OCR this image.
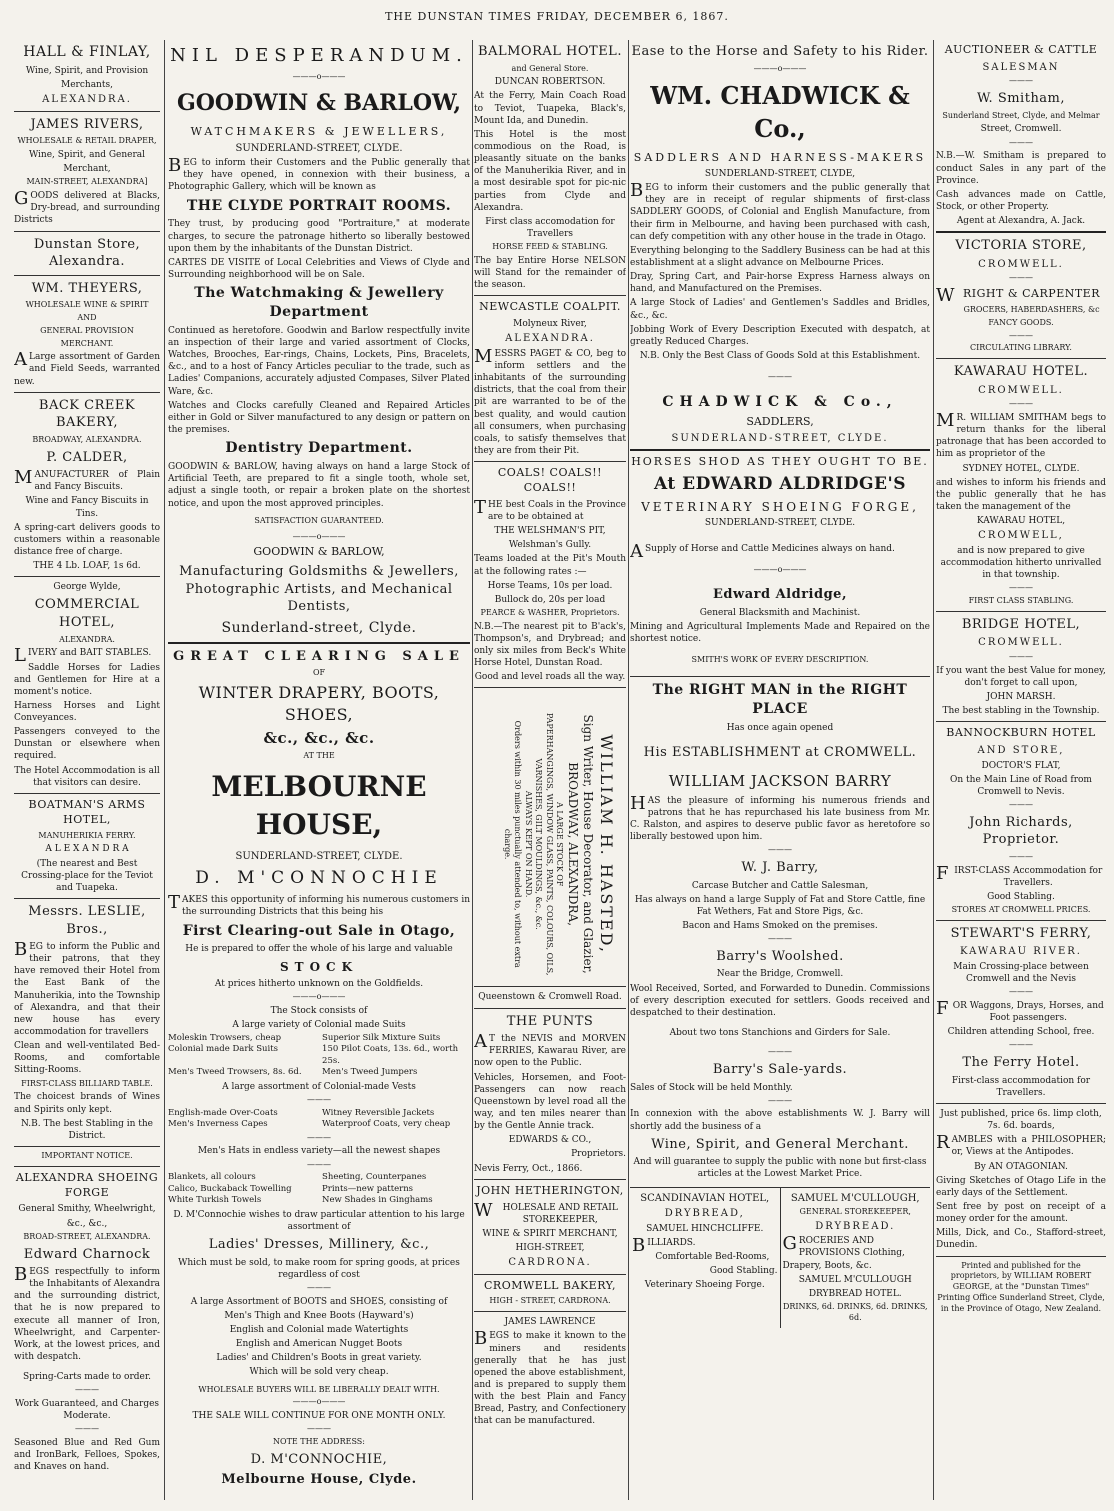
THE DUNSTAN TIMES FRIDAY, DECEMBER 6, 1867.
HALL & FINLAY,

Wine, Spirit, and Provision

Merchants,

ALEXANDRA.

JAMES RIVERS,

WHOLESALE & RETAIL DRAPER,

Wine, Spirit, and General

Merchant,

MAIN-STREET, ALEXANDRA]

GOODS delivered at Blacks, Dry-bread, and surrounding Districts

Dunstan Store, Alexandra.
WM. THEYERS,

WHOLESALE WINE & SPIRIT

AND

GENERAL PROVISION

MERCHANT.

ALarge assortment of Garden and Field Seeds, warranted new.

BACK CREEK BAKERY,

BROADWAY, ALEXANDRA.

P. CALDER,

MANUFACTURER of Plain and Fancy Biscuits.

Wine and Fancy Biscuits in Tins.

A spring-cart delivers goods to customers within a reasonable distance free of charge.

THE 4 Lb. LOAF, 1s 6d.

George Wylde,

COMMERCIAL HOTEL,

ALEXANDRA.

LIVERY and BAIT STABLES.

Saddle Horses for Ladies and Gentlemen for Hire at a moment's notice.

Harness Horses and Light Conveyances.

Passengers conveyed to the Dunstan or elsewhere when required.

The Hotel Accommodation is all that visitors can desire.

BOATMAN'S ARMS HOTEL,

MANUHERIKIA FERRY.

A L E X A N D R A

(The nearest and Best Crossing-place for the Teviot and Tuapeka.

Messrs. LESLIE, Bros.,

BEG to inform the Public and their patrons, that they have removed their Hotel from the East Bank of the Manuherikia, into the Township of Alexandra, and that their new house has every accommodation for travellers

Clean and well-ventilated Bed-Rooms, and comfortable Sitting-Rooms.

FIRST-CLASS BILLIARD TABLE.

The choicest brands of Wines and Spirits only kept.

N.B. The best Stabling in the District.

IMPORTANT NOTICE.

ALEXANDRA SHOEING FORGE

General Smithy, Wheelwright,

&c., &c.,

BROAD-STREET, ALEXANDRA.

Edward Charnock

BEGS respectfully to inform the Inhabitants of Alexandra and the surrounding district, that he is now prepared to execute all manner of Iron, Wheelwright, and Carpenter-Work, at the lowest prices, and with despatch.

Spring-Carts made to order.

———

Work Guaranteed, and Charges Moderate.

———

Seasoned Blue and Red Gum and IronBark, Felloes, Spokes, and Knaves on hand.

NIL DESPERANDUM.
———o———
GOODWIN & BARLOW,

WATCHMAKERS & JEWELLERS,

SUNDERLAND-STREET, CLYDE.

BEG to inform their Customers and the Public generally that they have opened, in connexion with their business, a Photographic Gallery, which will be known as

THE CLYDE PORTRAIT ROOMS.

They trust, by producing good "Portraiture," at moderate charges, to secure the patronage hitherto so liberally bestowed upon them by the inhabitants of the Dunstan District.

CARTES DE VISITE of Local Celebrities and Views of Clyde and Surrounding neighborhood will be on Sale.

The Watchmaking & Jewellery Department

Continued as heretofore. Goodwin and Barlow respectfully invite an inspection of their large and varied assortment of Clocks, Watches, Brooches, Ear-rings, Chains, Lockets, Pins, Bracelets, &c., and to a host of Fancy Articles peculiar to the trade, such as Ladies' Companions, accurately adjusted Compases, Silver Plated Ware, &c.

Watches and Clocks carefully Cleaned and Repaired Articles either in Gold or Silver manufactured to any design or pattern on the premises.

Dentistry Department.

GOODWIN & BARLOW, having always on hand a large Stock of Artificial Teeth, are prepared to fit a single tooth, whole set, adjust a single tooth, or repair a broken plate on the shortest notice, and upon the most approved principles.

SATISFACTION GUARANTEED.

———o———

GOODWIN & BARLOW,

Manufacturing Goldsmiths & Jewellers, Photographic Artists, and Mechanical Dentists,
Sunderland-street, Clyde.
GREAT CLEARING SALE

OF

WINTER DRAPERY, BOOTS, SHOES,
&c., &c., &c.

AT THE

MELBOURNE HOUSE,

SUNDERLAND-STREET, CLYDE.

D. M'CONNOCHIE

TAKES this opportunity of informing his numerous customers in the surrounding Districts that this being his

First Clearing-out Sale in Otago,

He is prepared to offer the whole of his large and valuable

STOCK

At prices hitherto unknown on the Goldfields.

———o———

The Stock consists of

A large variety of Colonial made Suits

Moleskin Trowsers, cheap	Superior Silk Mixture Suits
Colonial made Dark Suits	150 Pilot Coats, 13s. 6d., worth 25s.
Men's Tweed Trowsers, 8s. 6d.	Men's Tweed Jumpers

A large assortment of Colonial-made Vests

———
English-made Over-Coats	Witney Reversible Jackets
Men's Inverness Capes	Waterproof Coats, very cheap
———

Men's Hats in endless variety—all the newest shapes

———
Blankets, all colours	Sheeting, Counterpanes
Calico, Buckaback Towelling	Prints—new patterns
White Turkish Towels	New Shades in Ginghams

D. M'Connochie wishes to draw particular attention to his large assortment of

Ladies' Dresses, Millinery, &c.,

Which must be sold, to make room for spring goods, at prices regardless of cost

———

A large Assortment of BOOTS and SHOES, consisting of

Men's Thigh and Knee Boots (Hayward's)

English and Colonial made Watertights

English and American Nugget Boots

Ladies' and Children's Boots in great variety.

Which will be sold very cheap.

WHOLESALE BUYERS WILL BE LIBERALLY DEALT WITH.

———o———

THE SALE WILL CONTINUE FOR ONE MONTH ONLY.

———

NOTE THE ADDRESS:

D. M'CONNOCHIE,
Melbourne House, Clyde.
BALMORAL HOTEL.

and General Store.

DUNCAN ROBERTSON.

At the Ferry, Main Coach Road to Teviot, Tuapeka, Black's, Mount Ida, and Dunedin.

This Hotel is the most commodious on the Road, is pleasantly situate on the banks of the Manuherikia River, and in a most desirable spot for pic-nic parties from Clyde and Alexandra.

First class accomodation for Travellers

HORSE FEED & STABLING.

The bay Entire Horse NELSON will Stand for the remainder of the season.

NEWCASTLE COALPIT.

Molyneux River,

ALEXANDRA.

MESSRS PAGET & CO, beg to inform settlers and the inhabitants of the surrounding districts, that the coal from their pit are warranted to be of the best quality, and would caution all consumers, when purchasing coals, to satisfy themselves that they are from their Pit.

COALS! COALS!! COALS!!

THE best Coals in the Province are to be obtained at

THE WELSHMAN'S PIT,

Welshman's Gully.

Teams loaded at the Pit's Mouth at the following rates :—

Horse Teams, 10s per load.

Bullock do, 20s per load

PEARCE & WASHER, Proprietors.

N.B.—The nearest pit to B'ack's, Thompson's, and Drybread; and only six miles from Beck's White Horse Hotel, Dunstan Road.

Good and level roads all the way.

WILLIAM H. HASTED,
Sign Writer, House Decorator, and Glazier,
BROADWAY, ALEXANDRA,
A LARGE STOCK OF
PAPERHANGINGS, WINDOW GLASS, PAINTS, COLOURS, OILS, VARNISHES, GILT MOULDINGS, &c., &c.
ALWAYS KEPT ON HAND.
Orders within 30 miles punctually attended to, without extra charge.

Queenstown & Cromwell Road.

THE PUNTS

AT the NEVIS and MORVEN FERRIES, Kawarau River, are now open to the Public.

Vehicles, Horsemen, and Foot-Passengers can now reach Queenstown by level road all the way, and ten miles nearer than by the Gentle Annie track.

EDWARDS & CO.,

Proprietors.

Nevis Ferry, Oct., 1866.

JOHN HETHERINGTON,

WHOLESALE AND RETAIL STOREKEEPER,

WINE & SPIRIT MERCHANT,

HIGH-STREET,

CARDRONA.

CROMWELL BAKERY,

HIGH - STREET, CARDRONA.

JAMES LAWRENCE

BEGS to make it known to the miners and residents generally that he has just opened the above establishment, and is prepared to supply them with the best Plain and Fancy Bread, Pastry, and Confectionery that can be manufactured.

Ease to the Horse and Safety to his Rider.
———o———
WM. CHADWICK & Co.,

SADDLERS AND HARNESS-MAKERS

SUNDERLAND-STREET, CLYDE,

BEG to inform their customers and the public generally that they are in receipt of regular shipments of first-class SADDLERY GOODS, of Colonial and English Manufacture, from their firm in Melbourne, and having been purchased with cash, can defy competition with any other house in the trade in Otago.

Everything belonging to the Saddlery Business can be had at this establishment at a slight advance on Melbourne Prices.

Dray, Spring Cart, and Pair-horse Express Harness always on hand, and Manufactured on the Premises.

A large Stock of Ladies' and Gentlemen's Saddles and Bridles, &c., &c.

Jobbing Work of Every Description Executed with despatch, at greatly Reduced Charges.

N.B. Only the Best Class of Goods Sold at this Establishment.

———
CHADWICK & Co.,

SADDLERS,

SUNDERLAND-STREET, CLYDE.

HORSES SHOD AS THEY OUGHT TO BE.

At EDWARD ALDRIDGE'S

VETERINARY SHOEING FORGE,

SUNDERLAND-STREET, CLYDE.

ASupply of Horse and Cattle Medicines always on hand.

———o———
Edward Aldridge,

General Blacksmith and Machinist.

Mining and Agricultural Implements Made and Repaired on the shortest notice.

SMITH'S WORK OF EVERY DESCRIPTION.

The RIGHT MAN in the RIGHT PLACE

Has once again opened

His ESTABLISHMENT at CROMWELL.
WILLIAM JACKSON BARRY

HAS the pleasure of informing his numerous friends and patrons that he has repurchased his late business from Mr. C. Ralston, and aspires to deserve public favor as heretofore so liberally bestowed upon him.

———
W. J. Barry,

Carcase Butcher and Cattle Salesman,

Has always on hand a large Supply of Fat and Store Cattle, fine Fat Wethers, Fat and Store Pigs, &c.

Bacon and Hams Smoked on the premises.

———
Barry's Woolshed.

Near the Bridge, Cromwell.

Wool Received, Sorted, and Forwarded to Dunedin. Commissions of every description executed for settlers. Goods received and despatched to their destination.

About two tons Stanchions and Girders for Sale.

———
Barry's Sale-yards.

Sales of Stock will be held Monthly.

———

In connexion with the above establishments W. J. Barry will shortly add the business of a

Wine, Spirit, and General Merchant.

And will guarantee to supply the public with none but first-class articles at the Lowest Market Price.

SCANDINAVIAN HOTEL,

DRYBREAD,

SAMUEL HINCHCLIFFE.

BILLIARDS.

Comfortable Bed-Rooms,

Good Stabling.

Veterinary Shoeing Forge.

SAMUEL M'CULLOUGH,

GENERAL STOREKEEPER,

DRYBREAD.

GROCERIES AND PROVISIONS Clothing, Drapery, Boots, &c.

SAMUEL M'CULLOUGH

DRYBREAD HOTEL.

DRINKS, 6d. DRINKS, 6d. DRINKS, 6d.

AUCTIONEER & CATTLE

SALESMAN

———
W. Smitham,

Sunderland Street, Clyde, and Melmar

Street, Cromwell.

———

N.B.—W. Smitham is prepared to conduct Sales in any part of the Province.

Cash advances made on Cattle, Stock, or other Property.

Agent at Alexandra, A. Jack.

VICTORIA STORE,

CROMWELL.

———
WRIGHT & CARPENTER

GROCERS, HABERDASHERS, &c

FANCY GOODS.

———

CIRCULATING LIBRARY.

KAWARAU HOTEL.

CROMWELL.

———

MR. WILLIAM SMITHAM begs to return thanks for the liberal patronage that has been accorded to him as proprietor of the

SYDNEY HOTEL, CLYDE.

and wishes to inform his friends and the public generally that he has taken the management of the

KAWARAU HOTEL,

CROMWELL,

and is now prepared to give accommodation hitherto unrivalled in that township.

———

FIRST CLASS STABLING.

BRIDGE HOTEL,

CROMWELL.

———

If you want the best Value for money, don't forget to call upon,

JOHN MARSH.

The best stabling in the Township.

BANNOCKBURN HOTEL

AND STORE,

DOCTOR'S FLAT,

On the Main Line of Road from Cromwell to Nevis.

———
John Richards, Proprietor.
———

FIRST-CLASS Accommodation for Travellers.

Good Stabling.

STORES AT CROMWELL PRICES.

STEWART'S FERRY,

KAWARAU RIVER.

Main Crossing-place between Cromwell and the Nevis

———

FOR Waggons, Drays, Horses, and Foot passengers.

Children attending School, free.

———
The Ferry Hotel.

First-class accommodation for Travellers.

Just published, price 6s. limp cloth, 7s. 6d. boards,

RAMBLES with a PHILOSOPHER; or, Views at the Antipodes.

By AN OTAGONIAN.

Giving Sketches of Otago Life in the early days of the Settlement.

Sent free by post on receipt of a money order for the amount.

Mills, Dick, and Co., Stafford-street, Dunedin.

Printed and published for the proprietors, by WILLIAM ROBERT GEORGE, at the "Dunstan Times" Printing Office Sunderland Street, Clyde, in the Province of Otago, New Zealand.
